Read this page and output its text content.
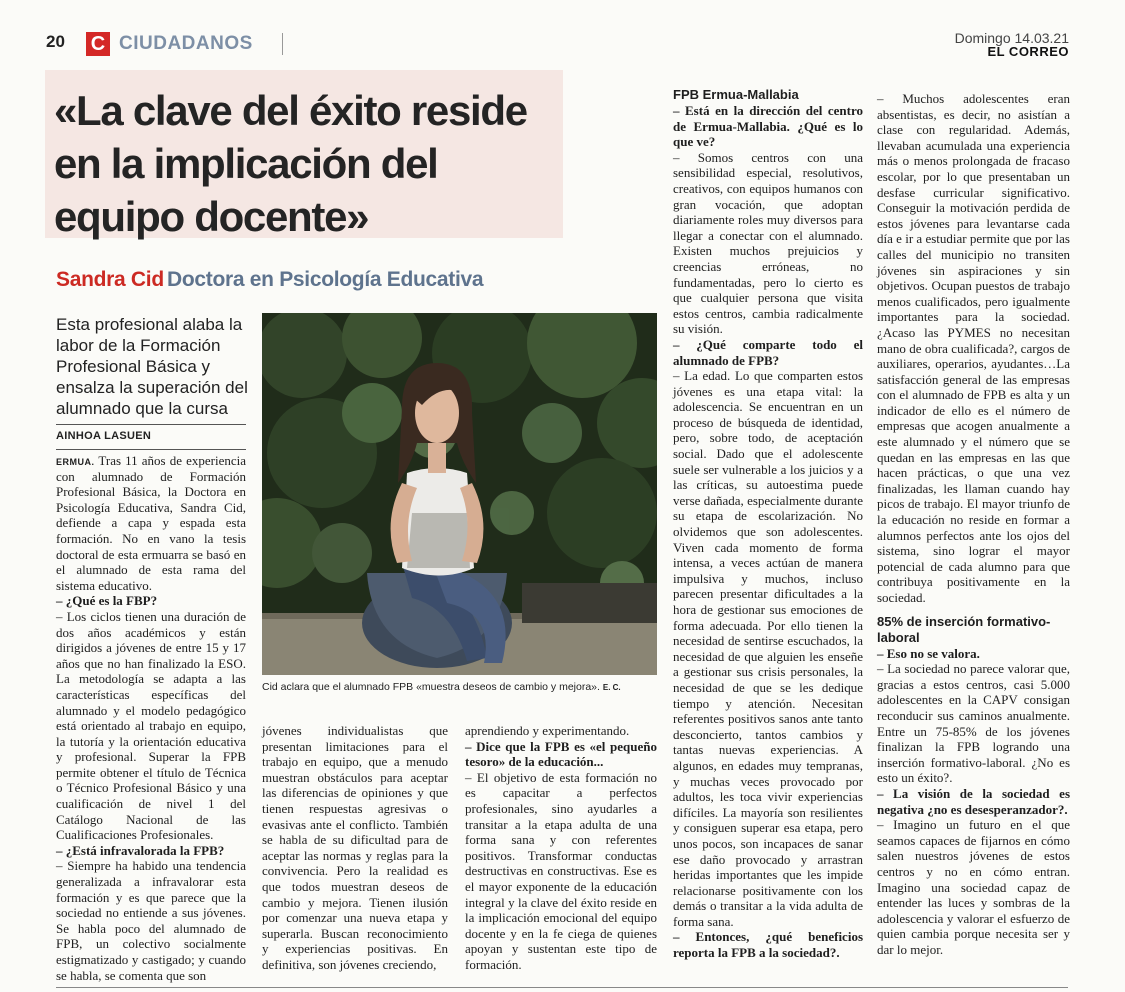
20 C CIUDADANOS	Domingo 14.03.21
EL CORREO
«La clave del éxito reside en la implicación del equipo docente»
Sandra Cid Doctora en Psicología Educativa
Esta profesional alaba la labor de la Formación Profesional Básica y ensalza la superación del alumnado que la cursa
AINHOA LASUEN

ERMUA. Tras 11 años de experiencia con alumnado de Formación Profesional Básica, la Doctora en Psicología Educativa, Sandra Cid, defiende a capa y espada esta formación. No en vano la tesis doctoral de esta ermuarra se basó en el alumnado de esta rama del sistema educativo.

– ¿Qué es la FBP?

– Los ciclos tienen una duración de dos años académicos y están dirigidos a jóvenes de entre 15 y 17 años que no han finalizado la ESO. La metodología se adapta a las características específicas del alumnado y el modelo pedagógico está orientado al trabajo en equipo, la tutoría y la orientación educativa y profesional. Superar la FPB permite obtener el título de Técnica o Técnico Profesional Básico y una cualificación de nivel 1 del Catálogo Nacional de las Cualificaciones Profesionales.

– ¿Está infravalorada la FPB?

– Siempre ha habido una tendencia generalizada a infravalorar esta formación y es que parece que la sociedad no entiende a sus jóvenes. Se habla poco del alumnado de FPB, un colectivo socialmente estigmatizado y castigado; y cuando se habla, se comenta que son

Cid aclara que el alumnado FPB «muestra deseos de cambio y mejora». E. C.

jóvenes individualistas que presentan limitaciones para el trabajo en equipo, que a menudo muestran obstáculos para aceptar las diferencias de opiniones y que tienen respuestas agresivas o evasivas ante el conflicto. También se habla de su dificultad para de aceptar las normas y reglas para la convivencia. Pero la realidad es que todos muestran deseos de cambio y mejora. Tienen ilusión por comenzar una nueva etapa y superarla. Buscan reconocimiento y experiencias positivas. En definitiva, son jóvenes creciendo,

aprendiendo y experimentando.

– Dice que la FPB es «el pequeño tesoro» de la educación...

– El objetivo de esta formación no es capacitar a perfectos profesionales, sino ayudarles a transitar a la etapa adulta de una forma sana y con referentes positivos. Transformar conductas destructivas en constructivas. Ese es el mayor exponente de la educación integral y la clave del éxito reside en la implicación emocional del equipo docente y en la fe ciega de quienes apoyan y sustentan este tipo de formación.

FPB Ermua-Mallabia

– Está en la dirección del centro de Ermua-Mallabia. ¿Qué es lo que ve?

– Somos centros con una sensibilidad especial, resolutivos, creativos, con equipos humanos con gran vocación, que adoptan diariamente roles muy diversos para llegar a conectar con el alumnado. Existen muchos prejuicios y creencias erróneas, no fundamentadas, pero lo cierto es que cualquier persona que visita estos centros, cambia radicalmente su visión.

– ¿Qué comparte todo el alumnado de FPB?

– La edad. Lo que comparten estos jóvenes es una etapa vital: la adolescencia. Se encuentran en un proceso de búsqueda de identidad, pero, sobre todo, de aceptación social. Dado que el adolescente suele ser vulnerable a los juicios y a las críticas, su autoestima puede verse dañada, especialmente durante su etapa de escolarización. No olvidemos que son adolescentes. Viven cada momento de forma intensa, a veces actúan de manera impulsiva y muchos, incluso parecen presentar dificultades a la hora de gestionar sus emociones de forma adecuada. Por ello tienen la necesidad de sentirse escuchados, la necesidad de que alguien les enseñe a gestionar sus crisis personales, la necesidad de que se les dedique tiempo y atención. Necesitan referentes positivos sanos ante tanto desconcierto, tantos cambios y tantas nuevas experiencias. A algunos, en edades muy tempranas, y muchas veces provocado por adultos, les toca vivir experiencias difíciles. La mayoría son resilientes y consiguen superar esa etapa, pero unos pocos, son incapaces de sanar ese daño provocado y arrastran heridas importantes que les impide relacionarse positivamente con los demás o transitar a la vida adulta de forma sana.

– Entonces, ¿qué beneficios reporta la FPB a la sociedad?.

– Muchos adolescentes eran absentistas, es decir, no asistían a clase con regularidad. Además, llevaban acumulada una experiencia más o menos prolongada de fracaso escolar, por lo que presentaban un desfase curricular significativo. Conseguir la motivación perdida de estos jóvenes para levantarse cada día e ir a estudiar permite que por las calles del municipio no transiten jóvenes sin aspiraciones y sin objetivos. Ocupan puestos de trabajo menos cualificados, pero igualmente importantes para la sociedad. ¿Acaso las PYMES no necesitan mano de obra cualificada?, cargos de auxiliares, operarios, ayudantes…La satisfacción general de las empresas con el alumnado de FPB es alta y un indicador de ello es el número de empresas que acogen anualmente a este alumnado y el número que se quedan en las empresas en las que hacen prácticas, o que una vez finalizadas, les llaman cuando hay picos de trabajo. El mayor triunfo de la educación no reside en formar a alumnos perfectos ante los ojos del sistema, sino lograr el mayor potencial de cada alumno para que contribuya positivamente en la sociedad.

85% de inserción formativo-laboral

– Eso no se valora.

– La sociedad no parece valorar que, gracias a estos centros, casi 5.000 adolescentes en la CAPV consigan reconducir sus caminos anualmente. Entre un 75-85% de los jóvenes finalizan la FPB logrando una inserción formativo-laboral. ¿No es esto un éxito?.

– La visión de la sociedad es negativa ¿no es desesperanzador?.

– Imagino un futuro en el que seamos capaces de fijarnos en cómo salen nuestros jóvenes de estos centros y no en cómo entran. Imagino una sociedad capaz de entender las luces y sombras de la adolescencia y valorar el esfuerzo de quien cambia porque necesita ser y dar lo mejor.
